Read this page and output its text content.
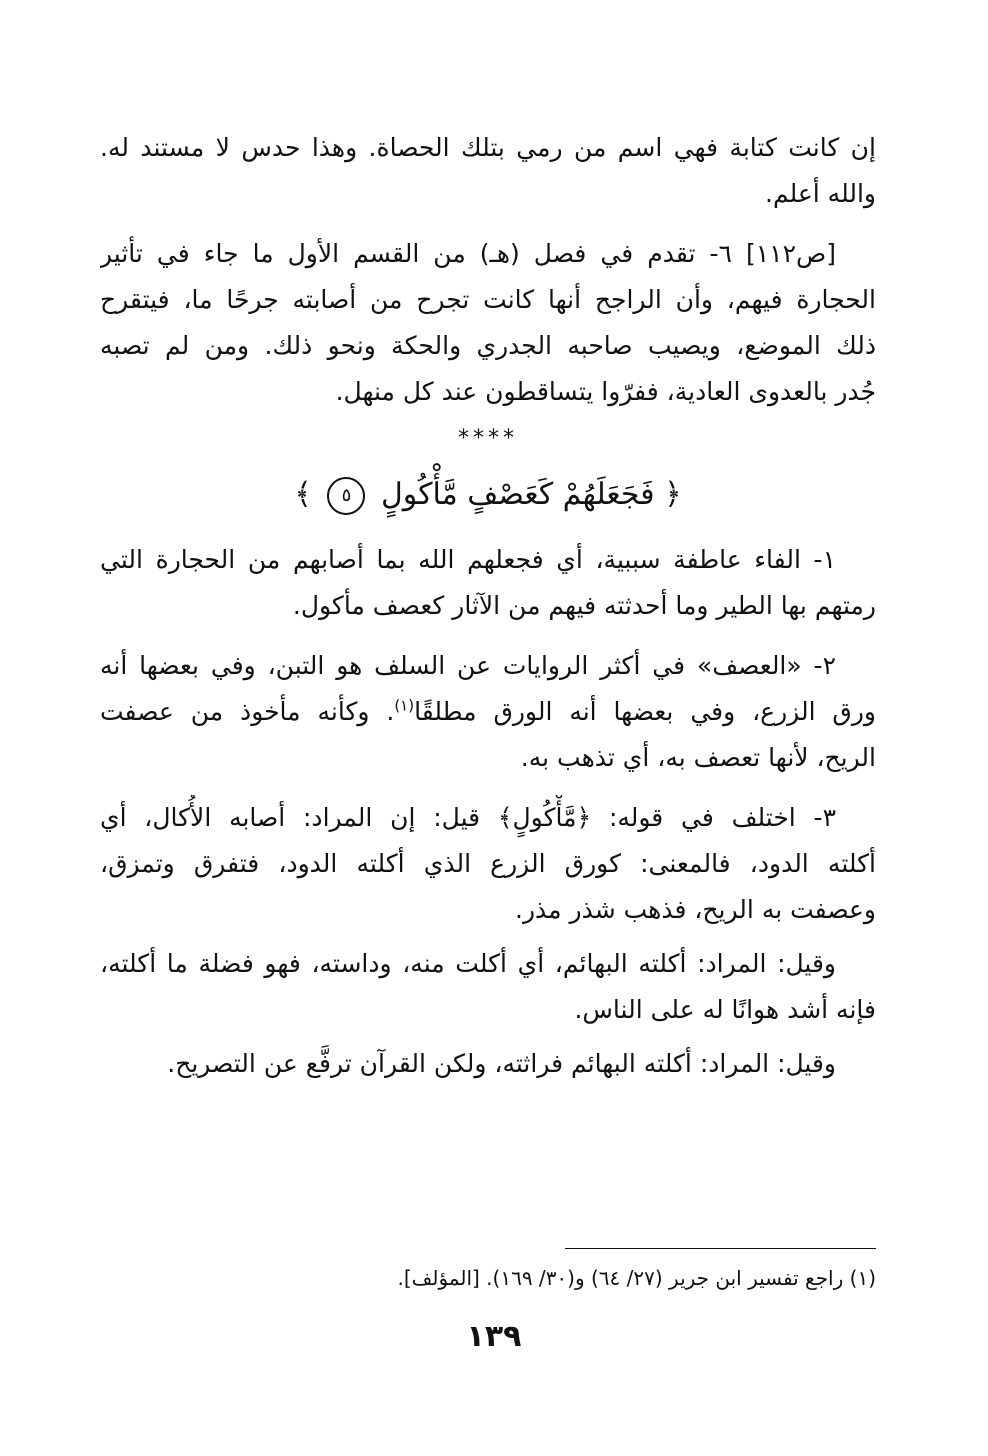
إن كانت كتابة فهي اسم من رمي بتلك الحصاة. وهذا حدس لا مستند له.
والله أعلم.
[ص١١٢] ٦- تقدم في فصل (هـ) من القسم الأول ما جاء في تأثير
الحجارة فيهم، وأن الراجح أنها كانت تجرح من أصابته جرحًا ما، فيتقرح
ذلك الموضع، ويصيب صاحبه الجدري والحكة ونحو ذلك. ومن لم تصبه
جُدر بالعدوى العادية، ففرّوا يتساقطون عند كل منهل.
****
﴿ فَجَعَلَهُمْ كَعَصْفٍ مَّأْكُولٍ ٥ ﴾
١- الفاء عاطفة سببية، أي فجعلهم الله بما أصابهم من الحجارة التي
رمتهم بها الطير وما أحدثته فيهم من الآثار كعصف مأكول.
٢- «العصف» في أكثر الروايات عن السلف هو التبن، وفي بعضها أنه
ورق الزرع، وفي بعضها أنه الورق مطلقًا$^{(١)}$. وكأنه مأخوذ من عصفت
الريح، لأنها تعصف به، أي تذهب به.
٣- اختلف في قوله: ﴿مَّأْكُولٍ﴾ قيل: إن المراد: أصابه الأُكال، أي
أكلته الدود، فالمعنى: كورق الزرع الذي أكلته الدود، فتفرق وتمزق،
وعصفت به الريح، فذهب شذر مذر.
وقيل: المراد: أكلته البهائم، أي أكلت منه، وداسته، فهو فضلة ما أكلته،
فإنه أشد هوانًا له على الناس.
وقيل: المراد: أكلته البهائم فراثته، ولكن القرآن ترفَّع عن التصريح.
(١) راجع تفسير ابن جرير (٢٧/ ٦٤) و(٣٠/ ١٦٩). [المؤلف].
١٣٩
